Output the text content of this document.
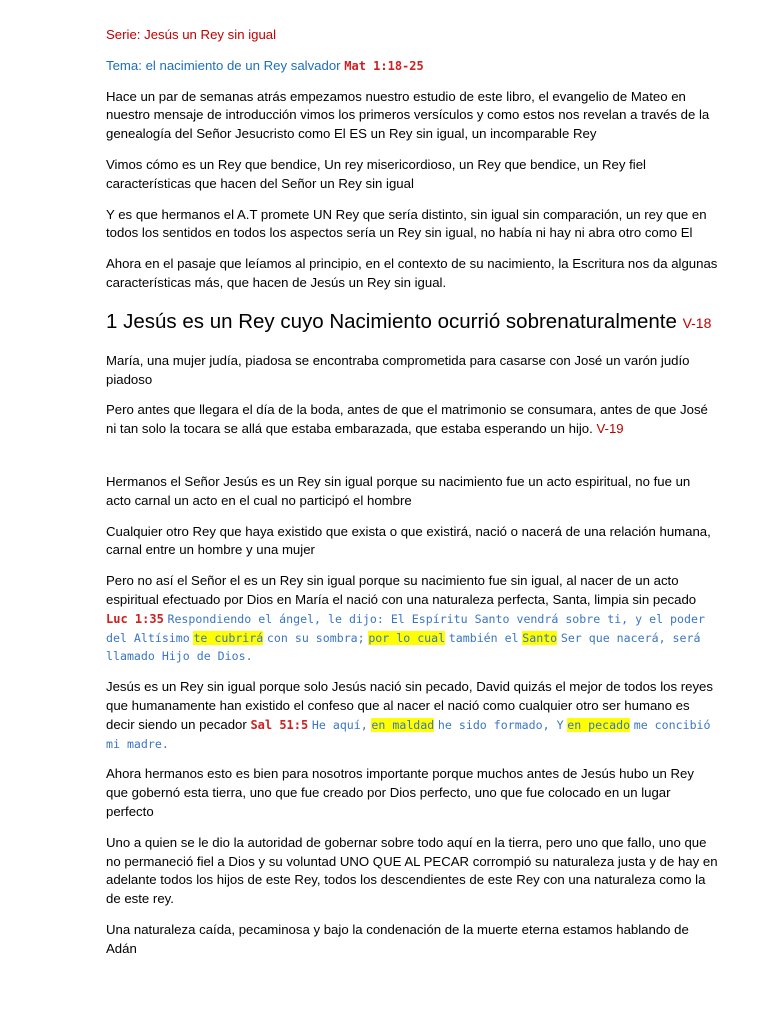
Serie: Jesús un Rey sin igual

Tema: el nacimiento de un Rey salvador Mat 1:18-25

Hace un par de semanas atrás empezamos nuestro estudio de este libro, el evangelio de Mateo en nuestro mensaje de introducción vimos los primeros versículos y como estos nos revelan a través de la genealogía del Señor Jesucristo como El ES un Rey sin igual, un incomparable Rey

Vimos cómo es un Rey que bendice, Un rey misericordioso, un Rey que bendice, un Rey fiel características que hacen del Señor un Rey sin igual

Y es que hermanos el A.T promete UN Rey que sería distinto, sin igual sin comparación, un rey que en todos los sentidos en todos los aspectos sería un Rey sin igual, no había ni hay ni abra otro como El

Ahora en el pasaje que leíamos al principio, en el contexto de su nacimiento, la Escritura nos da algunas características más, que hacen de Jesús un Rey sin igual.

1 Jesús es un Rey cuyo Nacimiento ocurrió sobrenaturalmente V-18

María, una mujer judía, piadosa se encontraba comprometida para casarse con José un varón judío piadoso

Pero antes que llegara el día de la boda, antes de que el matrimonio se consumara, antes de que José ni tan solo la tocara se allá que estaba embarazada, que estaba esperando un hijo. V-19

Hermanos el Señor Jesús es un Rey sin igual porque su nacimiento fue un acto espiritual, no fue un acto carnal un acto en el cual no participó el hombre

Cualquier otro Rey que haya existido que exista o que existirá, nació o nacerá de una relación humana, carnal entre un hombre y una mujer

Pero no así el Señor el es un Rey sin igual porque su nacimiento fue sin igual, al nacer de un acto espiritual efectuado por Dios en María el nació con una naturaleza perfecta, Santa, limpia sin pecado Luc 1:35 Respondiendo el ángel, le dijo: El Espíritu Santo vendrá sobre ti, y el poder del Altísimo te cubrirá con su sombra; por lo cual también el Santo Ser que nacerá, será llamado Hijo de Dios.

Jesús es un Rey sin igual porque solo Jesús nació sin pecado, David quizás el mejor de todos los reyes que humanamente han existido el confeso que al nacer el nació como cualquier otro ser humano es decir siendo un pecador Sal 51:5 He aquí, en maldad he sido formado, Y en pecado me concibió mi madre.

Ahora hermanos esto es bien para nosotros importante porque muchos antes de Jesús hubo un Rey que gobernó esta tierra, uno que fue creado por Dios perfecto, uno que fue colocado en un lugar perfecto

Uno a quien se le dio la autoridad de gobernar sobre todo aquí en la tierra, pero uno que fallo, uno que no permaneció fiel a Dios y su voluntad UNO QUE AL PECAR corrompió su naturaleza justa y de hay en adelante todos los hijos de este Rey, todos los descendientes de este Rey con una naturaleza como la de este rey.

Una naturaleza caída, pecaminosa y bajo la condenación de la muerte eterna estamos hablando de Adán
